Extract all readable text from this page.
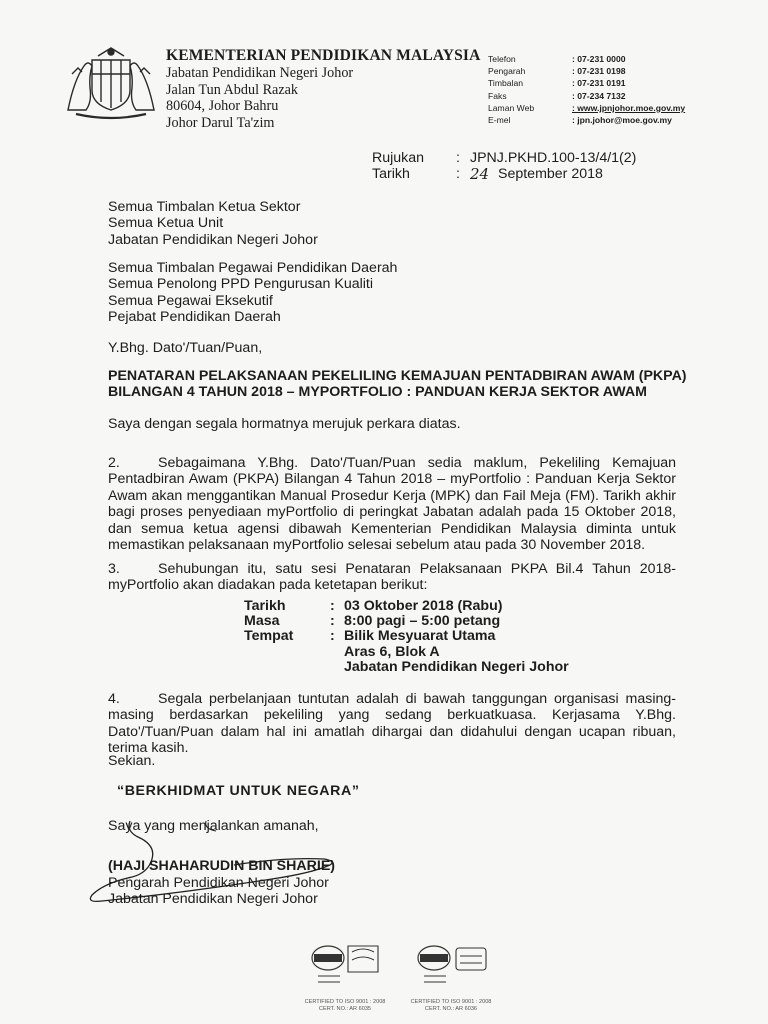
KEMENTERIAN PENDIDIKAN MALAYSIA
Jabatan Pendidikan Negeri Johor
Jalan Tun Abdul Razak
80604, Johor Bahru
Johor Darul Ta'zim
Telefon	: 07-231 0000
Pengarah	: 07-231 0198
Timbalan	: 07-231 0191
Faks	: 07-234 7132
Laman Web	: www.jpnjohor.moe.gov.my
E-mel	: jpn.johor@moe.gov.my
Rujukan	: JPNJ.PKHD.100-13/4/1(2)
Tarikh	: 24 September 2018
Semua Timbalan Ketua Sektor
Semua Ketua Unit
Jabatan Pendidikan Negeri Johor
Semua Timbalan Pegawai Pendidikan Daerah
Semua Penolong PPD Pengurusan Kualiti
Semua Pegawai Eksekutif
Pejabat Pendidikan Daerah
Y.Bhg. Dato'/Tuan/Puan,
PENATARAN PELAKSANAAN PEKELILING KEMAJUAN PENTADBIRAN AWAM (PKPA)
BILANGAN 4 TAHUN 2018 – MYPORTFOLIO : PANDUAN KERJA SEKTOR AWAM
Saya dengan segala hormatnya merujuk perkara diatas.
2.	Sebagaimana Y.Bhg. Dato'/Tuan/Puan sedia maklum, Pekeliling Kemajuan Pentadbiran Awam (PKPA) Bilangan 4 Tahun 2018 – myPortfolio : Panduan Kerja Sektor Awam akan menggantikan Manual Prosedur Kerja (MPK) dan Fail Meja (FM). Tarikh akhir bagi proses penyediaan myPortfolio di peringkat Jabatan adalah pada 15 Oktober 2018, dan semua ketua agensi dibawah Kementerian Pendidikan Malaysia diminta untuk memastikan pelaksanaan myPortfolio selesai sebelum atau pada 30 November 2018.
3.	Sehubungan itu, satu sesi Penataran Pelaksanaan PKPA Bil.4 Tahun 2018- myPortfolio akan diadakan pada ketetapan berikut:
Tarikh	: 03 Oktober 2018 (Rabu)
Masa	: 8:00 pagi – 5:00 petang
Tempat	: Bilik Mesyuarat Utama
Aras 6, Blok A
Jabatan Pendidikan Negeri Johor
4.	Segala perbelanjaan tuntutan adalah di bawah tanggungan organisasi masing-masing berdasarkan pekeliling yang sedang berkuatkuasa. Kerjasama Y.Bhg. Dato'/Tuan/Puan dalam hal ini amatlah dihargai dan didahului dengan ucapan ribuan, terima kasih.
Sekian.
“BERKHIDMAT UNTUK NEGARA”
Saya yang menjalankan amanah,
(HAJI SHAHARUDIN BIN SHARIE)
Pengarah Pendidikan Negeri Johor
Jabatan Pendidikan Negeri Johor
CERTIFIED TO ISO 9001 : 2008
CERT. NO.: AR 6035
CERTIFIED TO ISO 9001 : 2008
CERT. NO.: AR 6036
